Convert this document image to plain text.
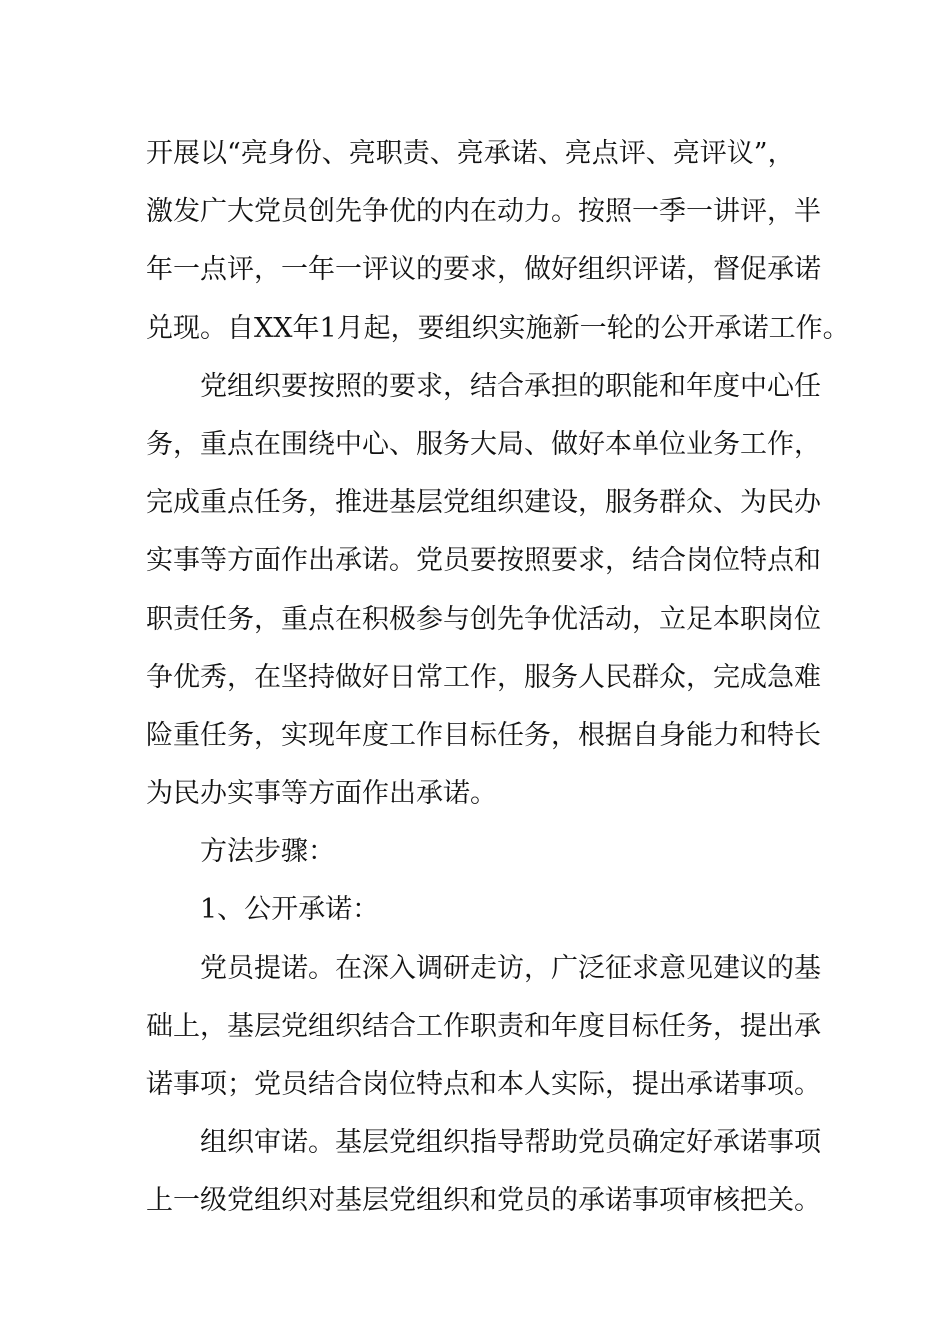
开展以“亮身份、亮职责、亮承诺、亮点评、亮评议”，
激发广大党员创先争优的内在动力。按照一季一讲评，半
年一点评，一年一评议的要求，做好组织评诺，督促承诺
兑现。自XX年1月起，要组织实施新一轮的公开承诺工作。
党组织要按照的要求，结合承担的职能和年度中心任
务，重点在围绕中心、服务大局、做好本单位业务工作，
完成重点任务，推进基层党组织建设，服务群众、为民办
实事等方面作出承诺。党员要按照要求，结合岗位特点和
职责任务，重点在积极参与创先争优活动，立足本职岗位
争优秀，在坚持做好日常工作，服务人民群众，完成急难
险重任务，实现年度工作目标任务，根据自身能力和特长
为民办实事等方面作出承诺。
方法步骤：
1、公开承诺：
党员提诺。在深入调研走访，广泛征求意见建议的基
础上，基层党组织结合工作职责和年度目标任务，提出承
诺事项；党员结合岗位特点和本人实际，提出承诺事项。
组织审诺。基层党组织指导帮助党员确定好承诺事项
上一级党组织对基层党组织和党员的承诺事项审核把关。
